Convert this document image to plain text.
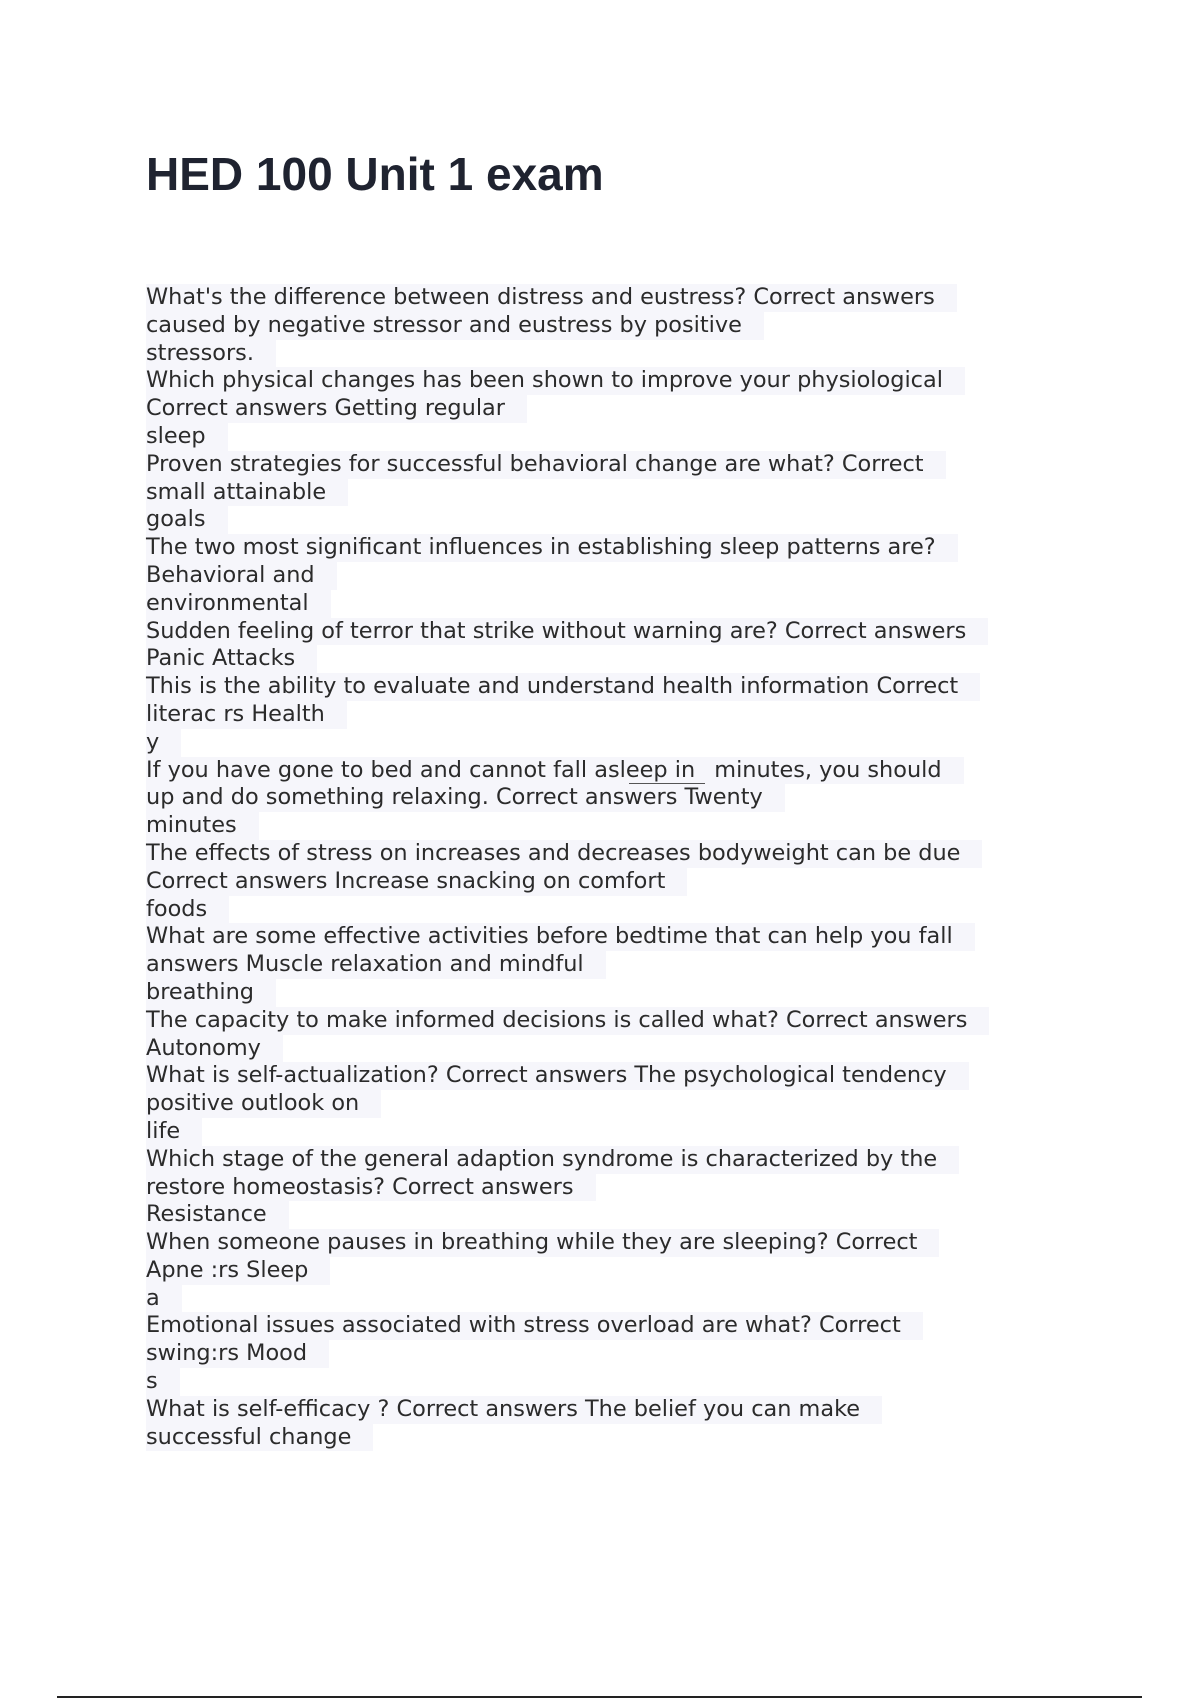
HED 100 Unit 1 exam
What's the difference between distress and eustress? Correct answers
caused by negative stressor and eustress by positive
stressors.
Which physical changes has been shown to improve your physiological
Correct answers Getting regular
sleep
Proven strategies for successful behavioral change are what? Correct
small attainable
goals
The two most significant influences in establishing sleep patterns are?
Behavioral and
environmental
Sudden feeling of terror that strike without warning are? Correct answers
Panic Attacks
This is the ability to evaluate and understand health information Correct
literac rs Health
y
If you have gone to bed and cannot fall asleep in minutes, you should
up and do something relaxing. Correct answers Twenty
minutes
The effects of stress on increases and decreases bodyweight can be due
Correct answers Increase snacking on comfort
foods
What are some effective activities before bedtime that can help you fall
answers Muscle relaxation and mindful
breathing
The capacity to make informed decisions is called what? Correct answers
Autonomy
What is self-actualization? Correct answers The psychological tendency
positive outlook on
life
Which stage of the general adaption syndrome is characterized by the
restore homeostasis? Correct answers
Resistance
When someone pauses in breathing while they are sleeping? Correct
Apne :rs Sleep
a
Emotional issues associated with stress overload are what? Correct
swing:rs Mood
s
What is self-efficacy ? Correct answers The belief you can make
successful change
